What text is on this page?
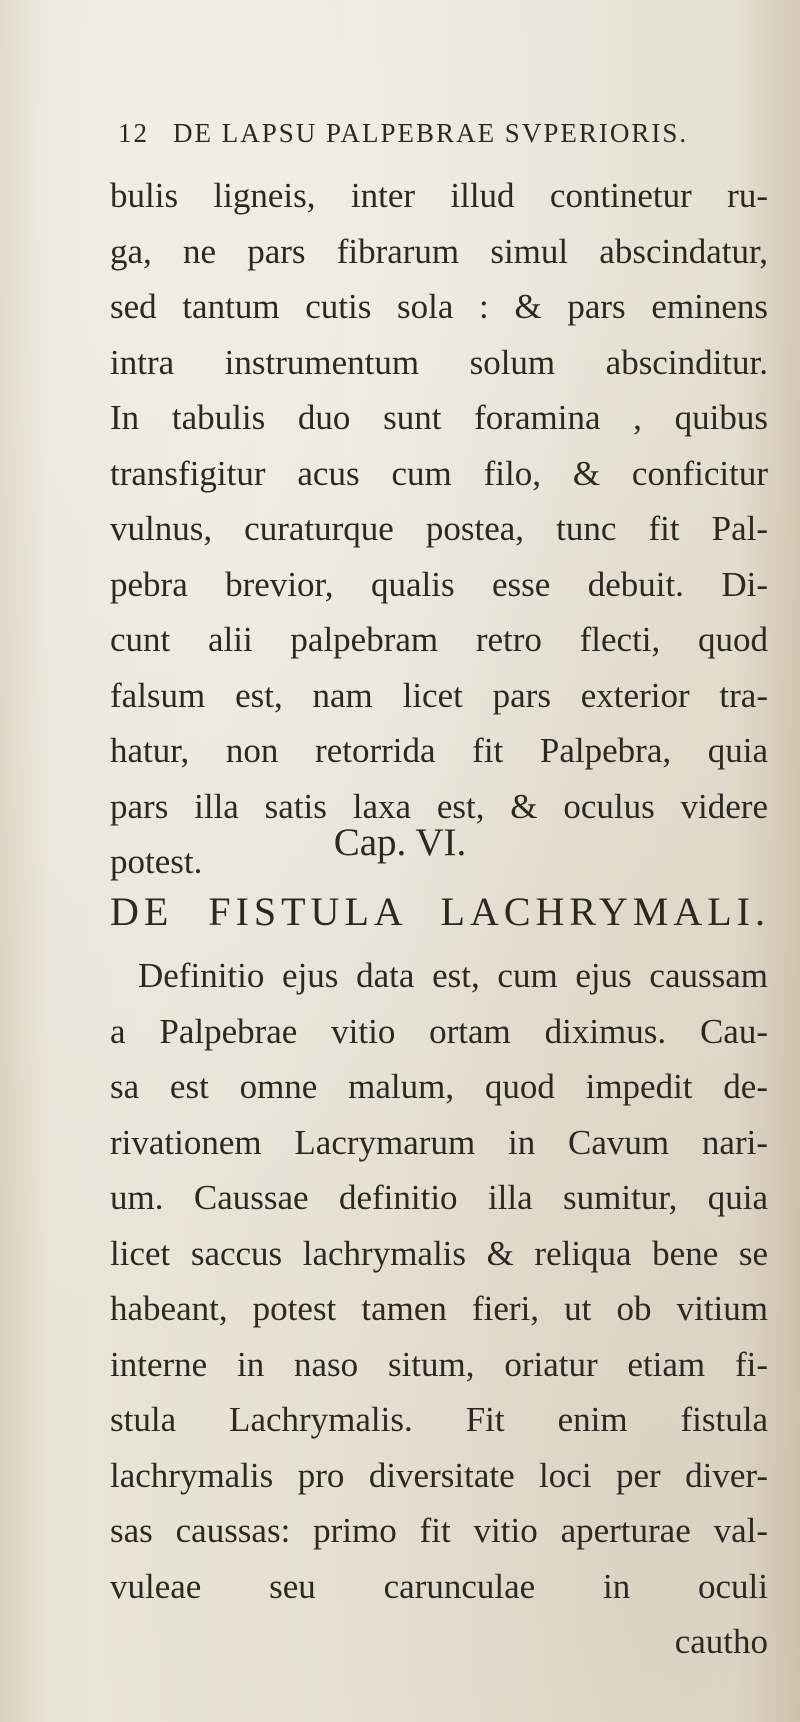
12 DE LAPSU PALPEBRAE SVPERIORIS.
bulis ligneis, inter illud continetur ru-
ga, ne pars fibrarum simul abscindatur,
sed tantum cutis sola : & pars eminens
intra instrumentum solum abscinditur.
In tabulis duo sunt foramina , quibus
transfigitur acus cum filo, & conficitur
vulnus, curaturque postea, tunc fit Pal-
pebra brevior, qualis esse debuit. Di-
cunt alii palpebram retro flecti, quod
falsum est, nam licet pars exterior tra-
hatur, non retorrida fit Palpebra, quia
pars illa satis laxa est, & oculus videre
potest.	Cap. VI.
DE FISTULA LACHRYMALI.
Definitio ejus data est, cum ejus caussam
a Palpebrae vitio ortam diximus. Cau-
sa est omne malum, quod impedit de-
rivationem Lacrymarum in Cavum nari-
um. Caussae definitio illa sumitur, quia
licet saccus lachrymalis & reliqua bene se
habeant, potest tamen fieri, ut ob vitium
interne in naso situm, oriatur etiam fi-
stula Lachrymalis. Fit enim fistula
lachrymalis pro diversitate loci per diver-
sas caussas: primo fit vitio aperturae val-
vuleae seu carunculae in oculi
cautho
